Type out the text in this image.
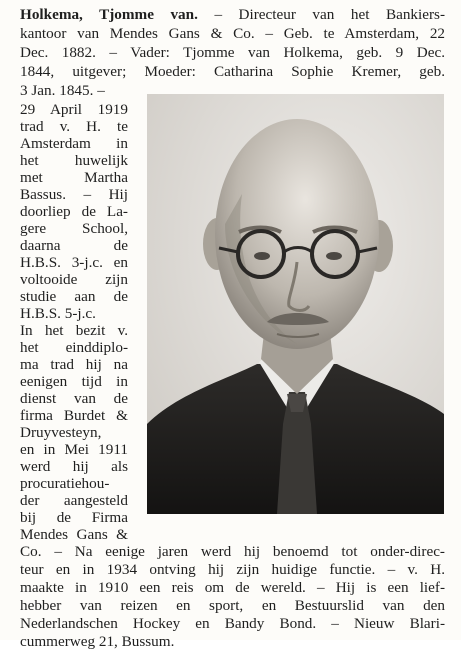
Holkema, Tjomme van. – Directeur van het Bankiers-
kantoor van Mendes Gans & Co. – Geb. te Amsterdam, 22
Dec. 1882. – Vader: Tjomme van Holkema, geb. 9 Dec.
1844, uitgever; Moeder: Catharina Sophie Kremer, geb.
3 Jan. 1845. –
29 April 1919
trad v. H. te
Amsterdam in
het huwelijk
met Martha
Bassus. – Hij
doorliep de La-
gere School,
daarna de
H.B.S. 3-j.c. en
voltooide zijn
studie aan de
H.B.S. 5-j.c.
In het bezit v.
het einddiplo-
ma trad hij na
eenigen tijd in
dienst van de
firma Burdet &
Druyvesteyn,
en in Mei 1911
werd hij als
procuratiehou-
der aangesteld
bij de Firma
Mendes Gans &
Co. – Na eenige jaren werd hij benoemd tot onder-direc-
teur en in 1934 ontving hij zijn huidige functie. – v. H.
maakte in 1910 een reis om de wereld. – Hij is een lief-
hebber van reizen en sport, en Bestuurslid van den
Nederlandschen Hockey en Bandy Bond. – Nieuw Blari-
cummerweg 21, Bussum.
